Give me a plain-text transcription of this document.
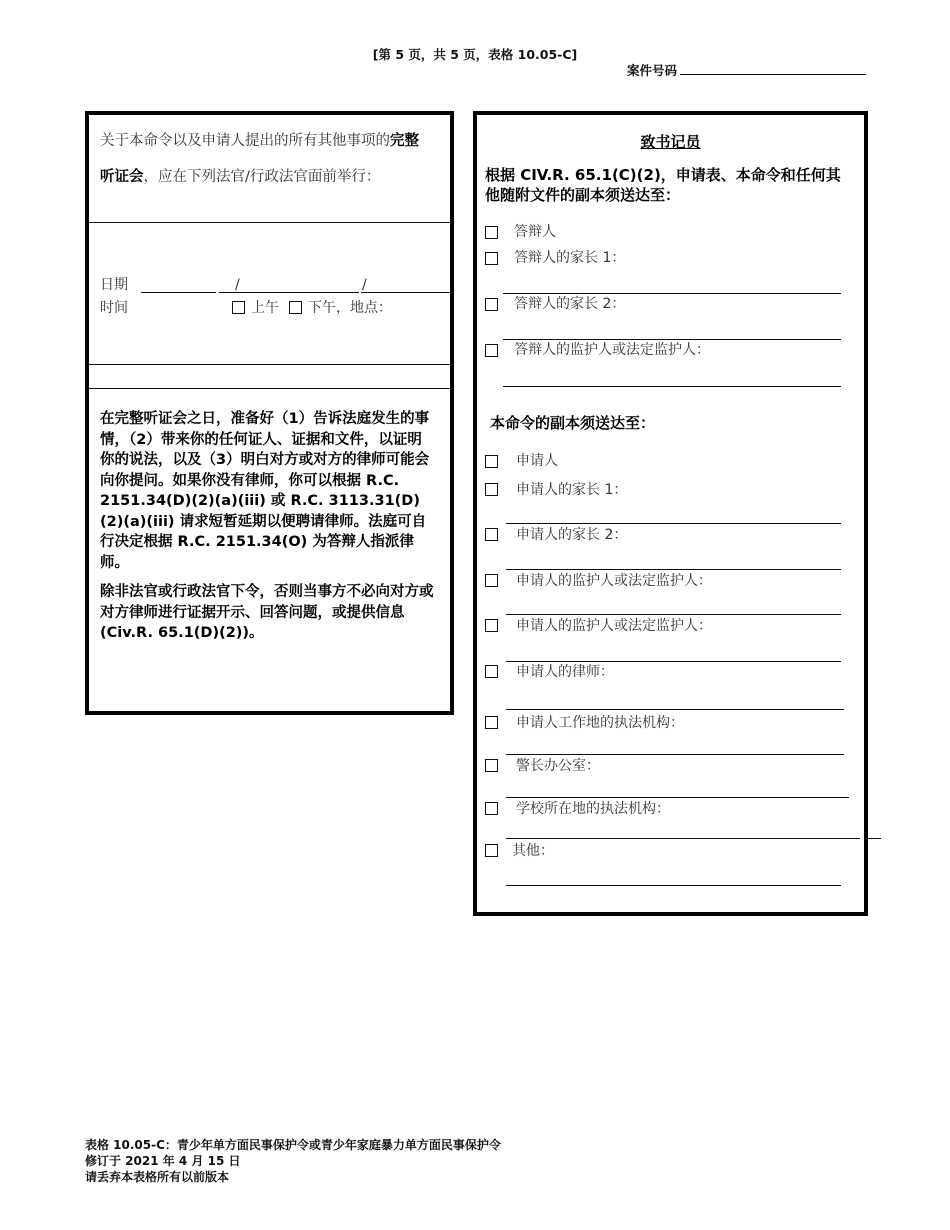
[第 5 页，共 5 页，表格 10.05-C]
案件号码
关于本命令以及申请人提出的所有其他事项的完整
听证会，应在下列法官/行政法官面前举行：
日期	/	/
时间	上午 下午，地点：
在完整听证会之日，准备好（1）告诉法庭发生的事情，（2）带来你的任何证人、证据和文件，以证明你的说法，以及（3）明白对方或对方的律师可能会向你提问。如果你没有律师，你可以根据 R.C. 2151.34(D)(2)(a)(iii) 或 R.C. 3113.31(D)(2)(a)(iii) 请求短暂延期以便聘请律师。法庭可自行决定根据 R.C. 2151.34(O) 为答辩人指派律师。
除非法官或行政法官下令，否则当事方不必向对方或对方律师进行证据开示、回答问题，或提供信息 (Civ.R. 65.1(D)(2))。
致书记员
根据 CIV.R. 65.1(C)(2)，申请表、本命令和任何其他随附文件的副本须送达至：
答辩人
答辩人的家长 1：
答辩人的家长 2：
答辩人的监护人或法定监护人：
本命令的副本须送达至：
申请人
申请人的家长 1：
申请人的家长 2：
申请人的监护人或法定监护人：
申请人的监护人或法定监护人：
申请人的律师：
申请人工作地的执法机构：
警长办公室：
学校所在地的执法机构：
其他：
表格 10.05-C：青少年单方面民事保护令或青少年家庭暴力单方面民事保护令
修订于 2021 年 4 月 15 日
请丢弃本表格所有以前版本
